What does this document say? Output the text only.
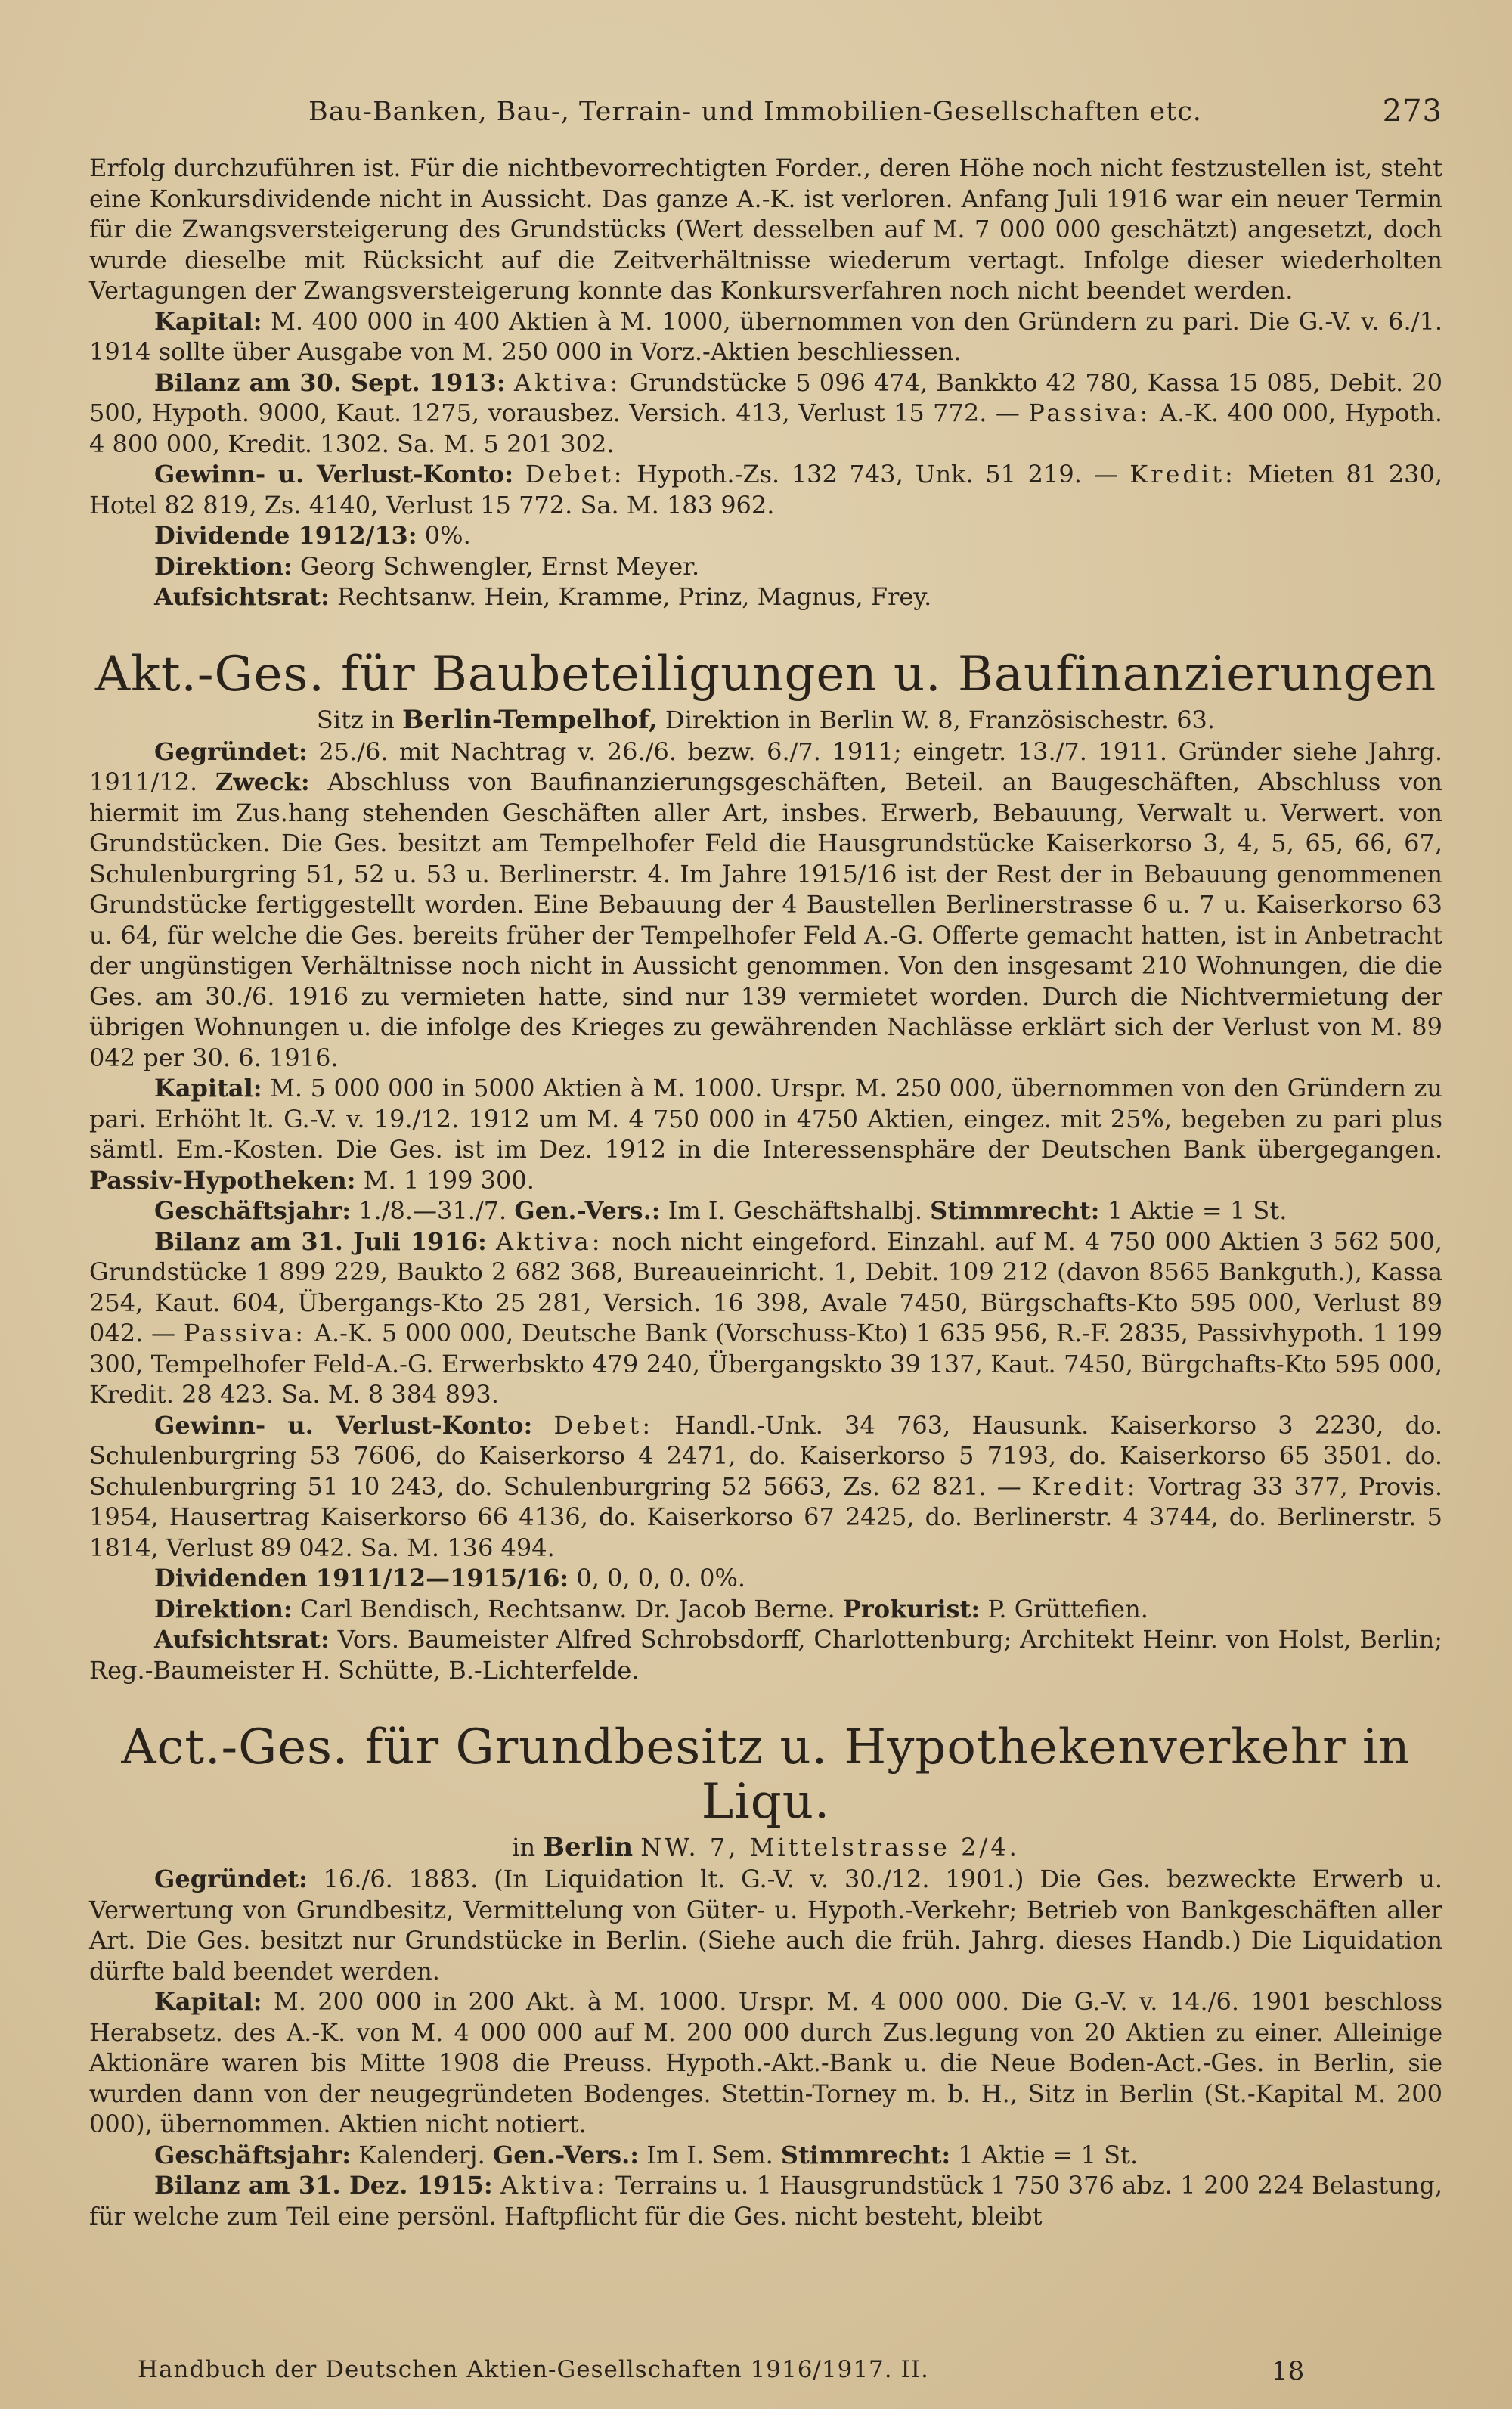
Bau-Banken, Bau-, Terrain- und Immobilien-Gesellschaften etc.	273

Erfolg durchzuführen ist. Für die nichtbevorrechtigten Forder., deren Höhe noch nicht festzustellen ist, steht eine Konkursdividende nicht in Aussicht. Das ganze A.-K. ist verloren. Anfang Juli 1916 war ein neuer Termin für die Zwangsversteigerung des Grundstücks (Wert desselben auf M. 7 000 000 geschätzt) angesetzt, doch wurde dieselbe mit Rücksicht auf die Zeitverhältnisse wiederum vertagt. Infolge dieser wiederholten Vertagungen der Zwangsversteigerung konnte das Konkursverfahren noch nicht beendet werden.

Kapital: M. 400 000 in 400 Aktien à M. 1000, übernommen von den Gründern zu pari. Die G.-V. v. 6./1. 1914 sollte über Ausgabe von M. 250 000 in Vorz.-Aktien beschliessen.

Bilanz am 30. Sept. 1913: Aktiva: Grundstücke 5 096 474, Bankkto 42 780, Kassa 15 085, Debit. 20 500, Hypoth. 9000, Kaut. 1275, vorausbez. Versich. 413, Verlust 15 772. — Passiva: A.-K. 400 000, Hypoth. 4 800 000, Kredit. 1302. Sa. M. 5 201 302.

Gewinn- u. Verlust-Konto: Debet: Hypoth.-Zs. 132 743, Unk. 51 219. — Kredit: Mieten 81 230, Hotel 82 819, Zs. 4140, Verlust 15 772. Sa. M. 183 962.

Dividende 1912/13: 0%.

Direktion: Georg Schwengler, Ernst Meyer.

Aufsichtsrat: Rechtsanw. Hein, Kramme, Prinz, Magnus, Frey.

Akt.-Ges. für Baubeteiligungen u. Baufinanzierungen
Sitz in Berlin-Tempelhof, Direktion in Berlin W. 8, Französischestr. 63.

Gegründet: 25./6. mit Nachtrag v. 26./6. bezw. 6./7. 1911; eingetr. 13./7. 1911. Gründer siehe Jahrg. 1911/12. Zweck: Abschluss von Baufinanzierungsgeschäften, Beteil. an Baugeschäften, Abschluss von hiermit im Zus.hang stehenden Geschäften aller Art, insbes. Erwerb, Bebauung, Verwalt u. Verwert. von Grundstücken. Die Ges. besitzt am Tempelhofer Feld die Hausgrundstücke Kaiserkorso 3, 4, 5, 65, 66, 67, Schulenburgring 51, 52 u. 53 u. Berlinerstr. 4. Im Jahre 1915/16 ist der Rest der in Bebauung genommenen Grundstücke fertiggestellt worden. Eine Bebauung der 4 Baustellen Berlinerstrasse 6 u. 7 u. Kaiserkorso 63 u. 64, für welche die Ges. bereits früher der Tempelhofer Feld A.-G. Offerte gemacht hatten, ist in Anbetracht der ungünstigen Verhältnisse noch nicht in Aussicht genommen. Von den insgesamt 210 Wohnungen, die die Ges. am 30./6. 1916 zu vermieten hatte, sind nur 139 vermietet worden. Durch die Nichtvermietung der übrigen Wohnungen u. die infolge des Krieges zu gewährenden Nachlässe erklärt sich der Verlust von M. 89 042 per 30. 6. 1916.

Kapital: M. 5 000 000 in 5000 Aktien à M. 1000. Urspr. M. 250 000, übernommen von den Gründern zu pari. Erhöht lt. G.-V. v. 19./12. 1912 um M. 4 750 000 in 4750 Aktien, eingez. mit 25%, begeben zu pari plus sämtl. Em.-Kosten. Die Ges. ist im Dez. 1912 in die Interessensphäre der Deutschen Bank übergegangen. Passiv-Hypotheken: M. 1 199 300.

Geschäftsjahr: 1./8.—31./7. Gen.-Vers.: Im I. Geschäftshalbj. Stimmrecht: 1 Aktie = 1 St.

Bilanz am 31. Juli 1916: Aktiva: noch nicht eingeford. Einzahl. auf M. 4 750 000 Aktien 3 562 500, Grundstücke 1 899 229, Baukto 2 682 368, Bureaueinricht. 1, Debit. 109 212 (davon 8565 Bankguth.), Kassa 254, Kaut. 604, Übergangs-Kto 25 281, Versich. 16 398, Avale 7450, Bürgschafts-Kto 595 000, Verlust 89 042. — Passiva: A.-K. 5 000 000, Deutsche Bank (Vorschuss-Kto) 1 635 956, R.-F. 2835, Passivhypoth. 1 199 300, Tempelhofer Feld-A.-G. Erwerbskto 479 240, Übergangskto 39 137, Kaut. 7450, Bürgchafts-Kto 595 000, Kredit. 28 423. Sa. M. 8 384 893.

Gewinn- u. Verlust-Konto: Debet: Handl.-Unk. 34 763, Hausunk. Kaiserkorso 3 2230, do. Schulenburgring 53 7606, do Kaiserkorso 4 2471, do. Kaiserkorso 5 7193, do. Kaiserkorso 65 3501. do. Schulenburgring 51 10 243, do. Schulenburgring 52 5663, Zs. 62 821. — Kredit: Vortrag 33 377, Provis. 1954, Hausertrag Kaiserkorso 66 4136, do. Kaiserkorso 67 2425, do. Berlinerstr. 4 3744, do. Berlinerstr. 5 1814, Verlust 89 042. Sa. M. 136 494.

Dividenden 1911/12—1915/16: 0, 0, 0, 0. 0%.

Direktion: Carl Bendisch, Rechtsanw. Dr. Jacob Berne. Prokurist: P. Grüttefien.

Aufsichtsrat: Vors. Baumeister Alfred Schrobsdorff, Charlottenburg; Architekt Heinr. von Holst, Berlin; Reg.-Baumeister H. Schütte, B.-Lichterfelde.

Act.-Ges. für Grundbesitz u. Hypothekenverkehr in Liqu.
in Berlin NW. 7, Mittelstrasse 2/4.

Gegründet: 16./6. 1883. (In Liquidation lt. G.-V. v. 30./12. 1901.) Die Ges. bezweckte Erwerb u. Verwertung von Grundbesitz, Vermittelung von Güter- u. Hypoth.-Verkehr; Betrieb von Bankgeschäften aller Art. Die Ges. besitzt nur Grundstücke in Berlin. (Siehe auch die früh. Jahrg. dieses Handb.) Die Liquidation dürfte bald beendet werden.

Kapital: M. 200 000 in 200 Akt. à M. 1000. Urspr. M. 4 000 000. Die G.-V. v. 14./6. 1901 beschloss Herabsetz. des A.-K. von M. 4 000 000 auf M. 200 000 durch Zus.legung von 20 Aktien zu einer. Alleinige Aktionäre waren bis Mitte 1908 die Preuss. Hypoth.-Akt.-Bank u. die Neue Boden-Act.-Ges. in Berlin, sie wurden dann von der neugegründeten Bodenges. Stettin-Torney m. b. H., Sitz in Berlin (St.-Kapital M. 200 000), übernommen. Aktien nicht notiert.

Geschäftsjahr: Kalenderj. Gen.-Vers.: Im I. Sem. Stimmrecht: 1 Aktie = 1 St.

Bilanz am 31. Dez. 1915: Aktiva: Terrains u. 1 Hausgrundstück 1 750 376 abz. 1 200 224 Belastung, für welche zum Teil eine persönl. Haftpflicht für die Ges. nicht besteht, bleibt

Handbuch der Deutschen Aktien-Gesellschaften 1916/1917. II.	18
